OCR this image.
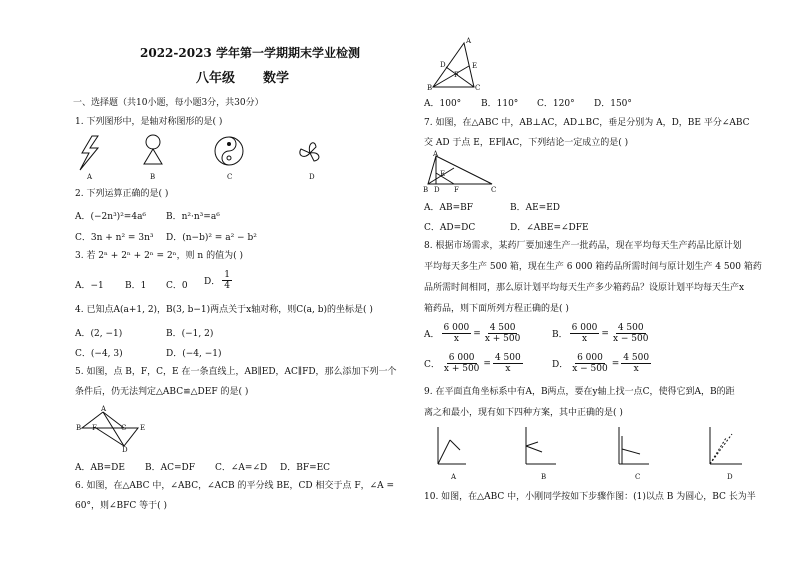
2022-2023 学年第一学期期末学业检测
八年级 数学
一、选择题（共10小题，每小题3分，共30分）
1. 下列图形中，是轴对称图形的是( )
A	B	C	D
2. 下列运算正确的是( )
A．(−2n³)²=4a⁶ B．n²·n³=a⁶
C．3n + n² = 3n³ D．(n−b)² = a² − b²
3. 若 2ⁿ + 2ⁿ + 2ⁿ = 2ⁿ，则 n 的值为( )
A．−1 B．1 C．0 D．
1
4
4. 已知点A(a+1, 2)，B(3, b−1)两点关于x轴对称，则C(a, b)的坐标是( )
A．(2, −1)	B．(−1, 2)
C．(−4, 3)	D．(−4, −1)
5. 如图，点 B，F，C，E 在一条直线上，AB∥ED，AC∥FD，那么添加下列一个
条件后，仍无法判定△ABC≌△DEF 的是( )
A
B F	C E
D
A．AB=DE B．AC=DF C．∠A=∠D D．BF=EC
6. 如图，在△ABC 中，∠ABC，∠ACB 的平分线 BE，CD 相交于点 F，∠A =
60°，则∠BFC 等于( )
A
D	E
F
B	C
A．100° B．110° C．120° D．150°
7. 如图，在△ABC 中，AB⊥AC，AD⊥BC，垂足分别为 A，D，BE 平分∠ABC
交 AD 于点 E，EF∥AC，下列结论一定成立的是( )
A
E
B D F	C
A．AB=BF	B．AE=ED
C．AD=DC	D．∠ABE=∠DFE
8. 根据市场需求，某药厂要加速生产一批药品，现在平均每天生产药品比原计划
平均每天多生产 500 箱，现在生产 6 000 箱药品所需时间与原计划生产 4 500 箱药
品所需时间相同，那么原计划平均每天生产多少箱药品？设原计划平均每天生产x
箱药品，则下面所列方程正确的是( )
A．
6 000
x
=
4 500
x + 500	B．
6 000
x
=
4 500
x − 500
C．
6 000
x + 500
=
4 500
x	D．
6 000
x − 500
=
4 500
x
9. 在平面直角坐标系中有A，B两点，要在y轴上找一点C，使得它到A，B的距
离之和最小，现有如下四种方案，其中正确的是( )
A	B	C	D
10. 如图，在△ABC 中，小刚同学按如下步骤作图：(1)以点 B 为圆心，BC 长为半
